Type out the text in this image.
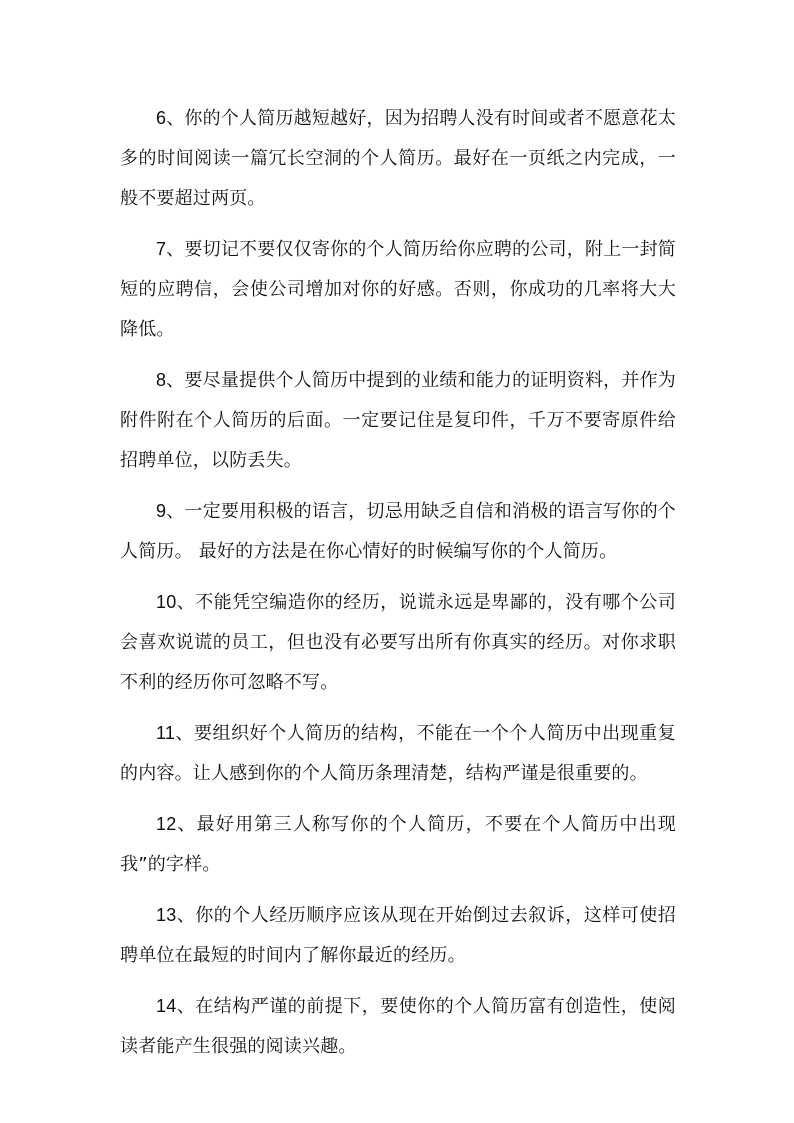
6、你的个人简历越短越好，因为招聘人没有时间或者不愿意花太多的时间阅读一篇冗长空洞的个人简历。最好在一页纸之内完成，一般不要超过两页。

7、要切记不要仅仅寄你的个人简历给你应聘的公司，附上一封简短的应聘信，会使公司增加对你的好感。否则，你成功的几率将大大降低。

8、要尽量提供个人简历中提到的业绩和能力的证明资料，并作为附件附在个人简历的后面。一定要记住是复印件，千万不要寄原件给招聘单位，以防丢失。

9、一定要用积极的语言，切忌用缺乏自信和消极的语言写你的个人简历。 最好的方法是在你心情好的时候编写你的个人简历。

10、不能凭空编造你的经历，说谎永远是卑鄙的，没有哪个公司会喜欢说谎的员工，但也没有必要写出所有你真实的经历。对你求职不利的经历你可忽略不写。

11、要组织好个人简历的结构，不能在一个个人简历中出现重复的内容。让人感到你的个人简历条理清楚，结构严谨是很重要的。

12、最好用第三人称写你的个人简历，不要在个人简历中出现我”的字样。

13、你的个人经历顺序应该从现在开始倒过去叙诉，这样可使招聘单位在最短的时间内了解你最近的经历。

14、在结构严谨的前提下，要使你的个人简历富有创造性，使阅读者能产生很强的阅读兴趣。
